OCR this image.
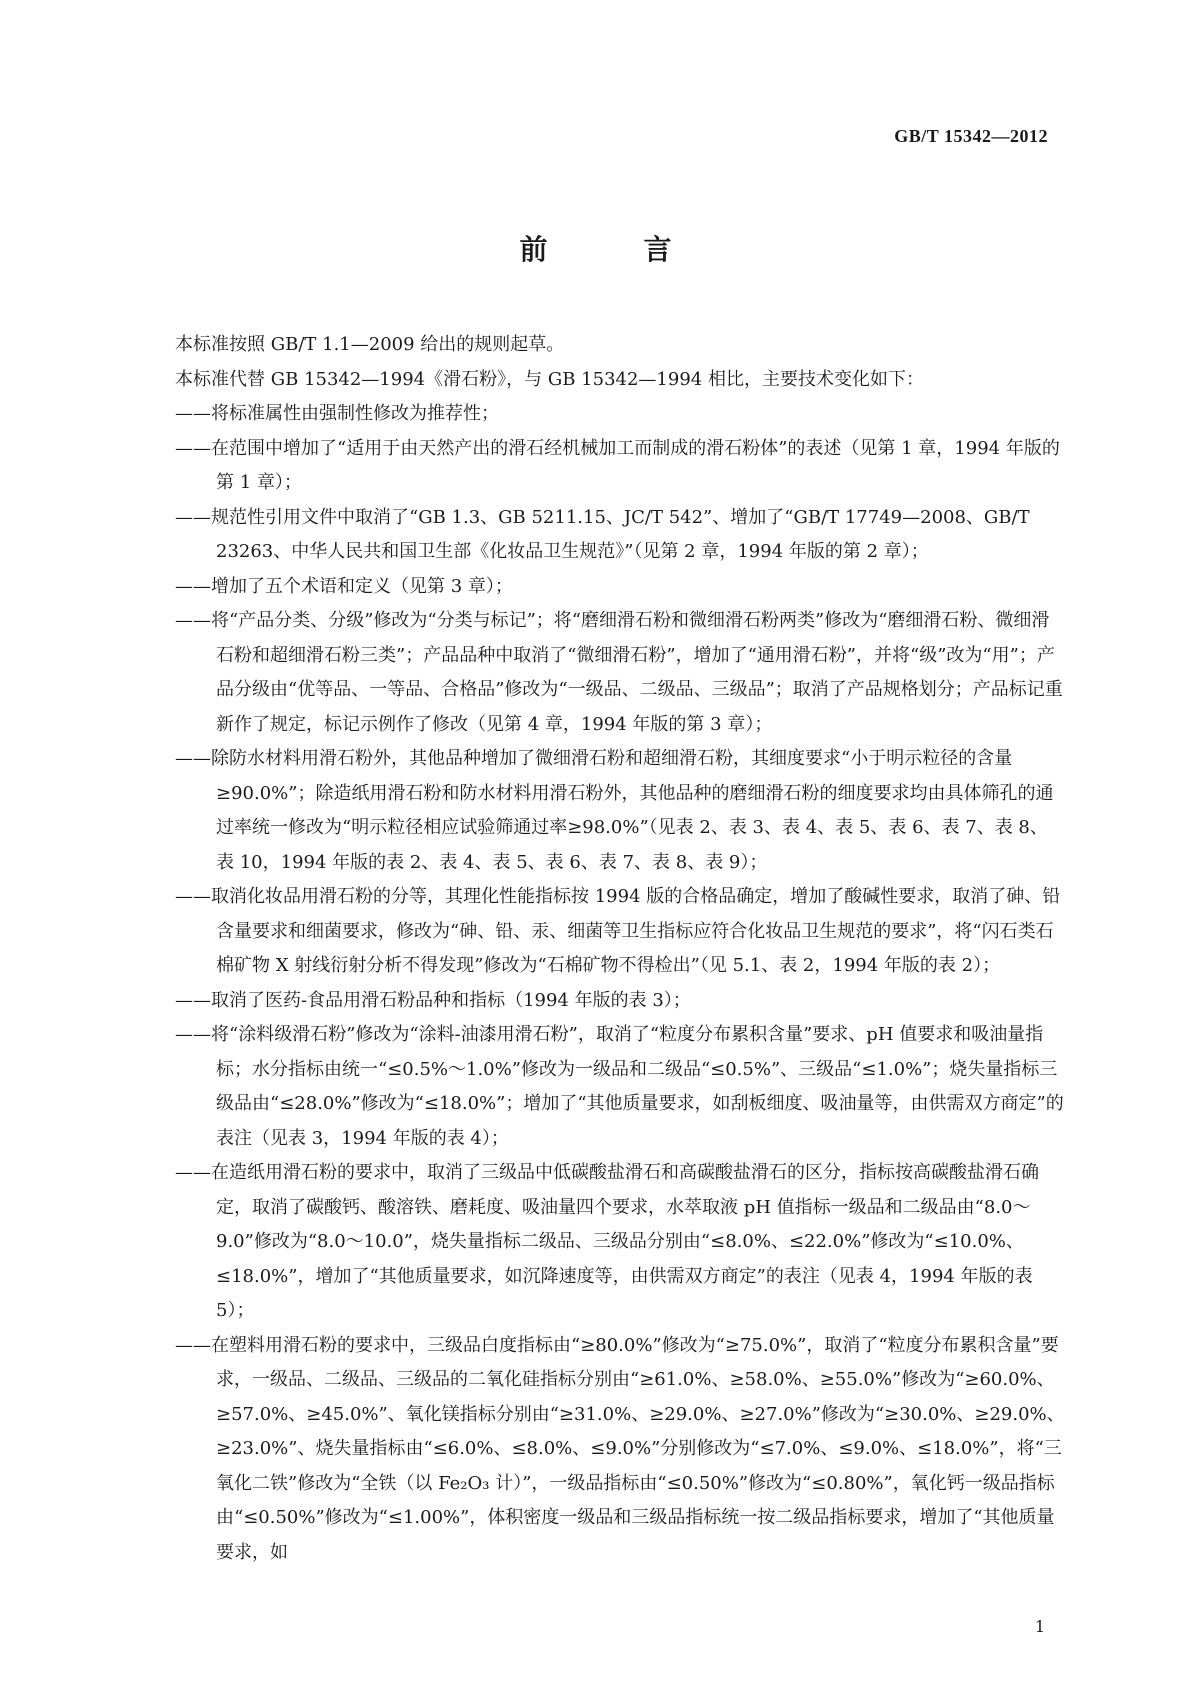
GB/T 15342—2012
前　言

本标准按照 GB/T 1.1—2009 给出的规则起草。

本标准代替 GB 15342—1994《滑石粉》，与 GB 15342—1994 相比，主要技术变化如下：

——将标准属性由强制性修改为推荐性；

——在范围中增加了“适用于由天然产出的滑石经机械加工而制成的滑石粉体”的表述（见第 1 章，1994 年版的第 1 章）；

——规范性引用文件中取消了“GB 1.3、GB 5211.15、JC/T 542”、增加了“GB/T 17749—2008、GB/T 23263、中华人民共和国卫生部《化妆品卫生规范》”（见第 2 章，1994 年版的第 2 章）；

——增加了五个术语和定义（见第 3 章）；

——将“产品分类、分级”修改为“分类与标记”；将“磨细滑石粉和微细滑石粉两类”修改为“磨细滑石粉、微细滑石粉和超细滑石粉三类”；产品品种中取消了“微细滑石粉”，增加了“通用滑石粉”，并将“级”改为“用”；产品分级由“优等品、一等品、合格品”修改为“一级品、二级品、三级品”；取消了产品规格划分；产品标记重新作了规定，标记示例作了修改（见第 4 章，1994 年版的第 3 章）；

——除防水材料用滑石粉外，其他品种增加了微细滑石粉和超细滑石粉，其细度要求“小于明示粒径的含量≥90.0%”；除造纸用滑石粉和防水材料用滑石粉外，其他品种的磨细滑石粉的细度要求均由具体筛孔的通过率统一修改为“明示粒径相应试验筛通过率≥98.0%”（见表 2、表 3、表 4、表 5、表 6、表 7、表 8、表 10，1994 年版的表 2、表 4、表 5、表 6、表 7、表 8、表 9）；

——取消化妆品用滑石粉的分等，其理化性能指标按 1994 版的合格品确定，增加了酸碱性要求，取消了砷、铅含量要求和细菌要求，修改为“砷、铅、汞、细菌等卫生指标应符合化妆品卫生规范的要求”，将“闪石类石棉矿物 X 射线衍射分析不得发现”修改为“石棉矿物不得检出”（见 5.1、表 2，1994 年版的表 2）；

——取消了医药-食品用滑石粉品种和指标（1994 年版的表 3）；

——将“涂料级滑石粉”修改为“涂料-油漆用滑石粉”，取消了“粒度分布累积含量”要求、pH 值要求和吸油量指标；水分指标由统一“≤0.5%～1.0%”修改为一级品和二级品“≤0.5%”、三级品“≤1.0%”；烧失量指标三级品由“≤28.0%”修改为“≤18.0%”；增加了“其他质量要求，如刮板细度、吸油量等，由供需双方商定”的表注（见表 3，1994 年版的表 4）；

——在造纸用滑石粉的要求中，取消了三级品中低碳酸盐滑石和高碳酸盐滑石的区分，指标按高碳酸盐滑石确定，取消了碳酸钙、酸溶铁、磨耗度、吸油量四个要求，水萃取液 pH 值指标一级品和二级品由“8.0～9.0”修改为“8.0～10.0”，烧失量指标二级品、三级品分别由“≤8.0%、≤22.0%”修改为“≤10.0%、≤18.0%”，增加了“其他质量要求，如沉降速度等，由供需双方商定”的表注（见表 4，1994 年版的表 5）；

——在塑料用滑石粉的要求中，三级品白度指标由“≥80.0%”修改为“≥75.0%”，取消了“粒度分布累积含量”要求，一级品、二级品、三级品的二氧化硅指标分别由“≥61.0%、≥58.0%、≥55.0%”修改为“≥60.0%、≥57.0%、≥45.0%”、氧化镁指标分别由“≥31.0%、≥29.0%、≥27.0%”修改为“≥30.0%、≥29.0%、≥23.0%”、烧失量指标由“≤6.0%、≤8.0%、≤9.0%”分别修改为“≤7.0%、≤9.0%、≤18.0%”，将“三氧化二铁”修改为“全铁（以 Fe₂O₃ 计）”，一级品指标由“≤0.50%”修改为“≤0.80%”，氧化钙一级品指标由“≤0.50%”修改为“≤1.00%”，体积密度一级品和三级品指标统一按二级品指标要求，增加了“其他质量要求，如

1
